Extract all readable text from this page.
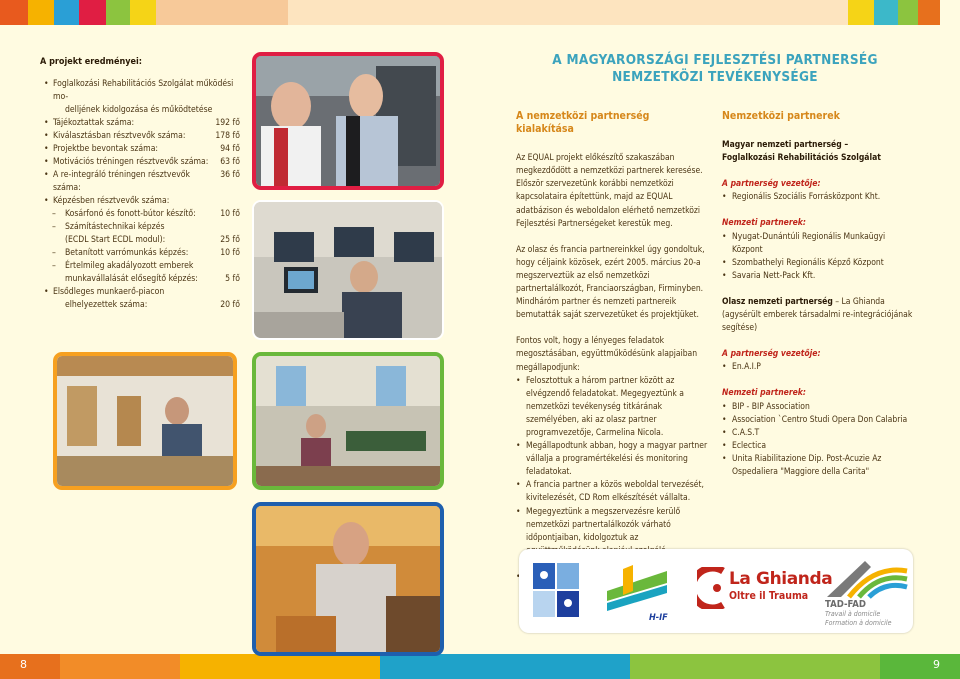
8	9
A projekt eredményei:
• Foglalkozási Rehabilitációs Szolgálat működési mo-
delljének kidolgozása és működtetése
• Tájékoztattak száma:	192 fő
• Kiválasztásban résztvevők száma:	178 fő
• Projektbe bevontak száma:	94 fő
• Motivációs tréningen résztvevők száma:	63 fő
• A re-integráló tréningen résztvevők száma:
36 fő
• Képzésben résztvevők száma:
– Kosárfonó és fonott-bútor készítő:	10 fő
– Számítástechnikai képzés
(ECDL Start ECDL modul):	25 fő
– Betanított varrómunkás képzés:	10 fő
– Értelmileg akadályozott emberek
munkavállalását elősegítő képzés:	5 fő
• Elsődleges munkaerő-piacon
elhelyezettek száma:	20 fő
A MAGYARORSZÁGI FEJLESZTÉSI PARTNERSÉG
NEMZETKÖZI TEVÉKENYSÉGE
A nemzetközi partnerség kialakítása

Az EQUAL projekt előkészítő szakaszában megkezdődött a nemzetközi partnerek keresése. Először szervezetünk korábbi nemzetközi kapcsolataira építettünk, majd az EQUAL adatbázison és weboldalon elérhető nemzetközi Fejlesztési Partnerségeket kerestük meg.

Az olasz és francia partnereinkkel úgy gondoltuk, hogy céljaink közösek, ezért 2005. március 20-a megszerveztük az első nemzetközi partnertalálkozót, Franciaországban, Firminyben. Mindháróm partner és nemzeti partnereik bemutatták saját szervezetüket és projektjüket.

Fontos volt, hogy a lényeges feladatok megosztásában, együttműködésünk alapjaiban megállapodjunk:

• Felosztottuk a három partner között az elvégzendő feladatokat. Megegyeztünk a nemzetközi tevékenység titkárának személyében, aki az olasz partner programvezetője, Carmelina Nicola.
• Megállapodtunk abban, hogy a magyar partner vállalja a programértékelési és monitoring feladatokat.
• A francia partner a közös weboldal tervezését, kivitelezését, CD Rom elkészítését vállalta.
• Megegyeztünk a megszervezésre kerülő nemzetközi partnertalálkozók várható időpontjaiban, kidolgoztuk az
•
Nemzetközi partnerek

Magyar nemzeti partnerség –

Foglalkozási Rehabilitációs Szolgálat

A partnerség vezetője:

• Regionális Szociális Forrásközpont Kht.

Nemzeti partnerek:

• Nyugat-Dunántúli Regionális Munkaügyi Központ
• Szombathelyi Regionális Képző Központ
• Savaria Nett-Pack Kft.

Olasz nemzeti partnerség – La Ghianda (agysérült emberek társadalmi re-integrációjának segítése)

A partnerség vezetője:

• En.A.I.P

Nemzeti partnerek:

• BIP - BIP Association
• Association `Centro Studi Opera Don Calabria
• C.A.S.T
• Eclectica
• Unita Riabilitazione Dip. Post-Acuzie Az Ospedaliera "Maggiore della Carita"
H-IF
La Ghianda
Oltre il Trauma
TAD-FAD
Travail à domicile
Formation à domicile
